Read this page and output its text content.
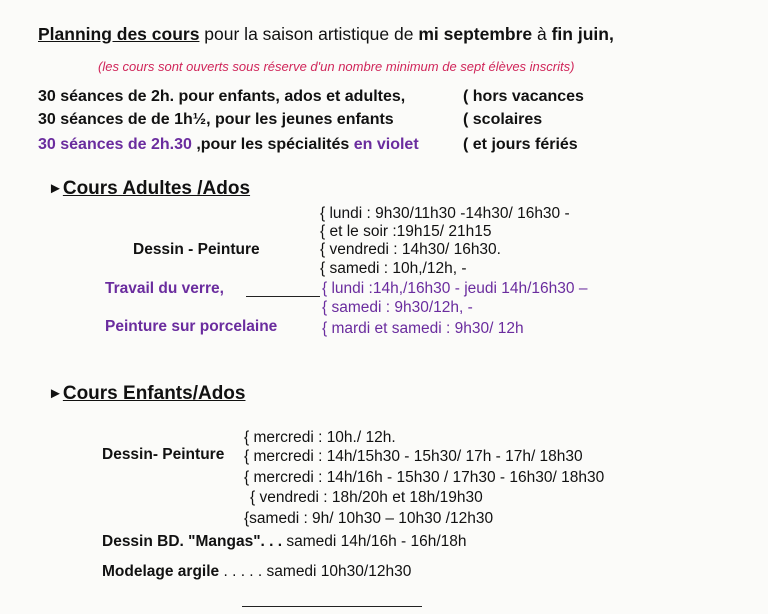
Planning des cours pour la saison artistique de mi septembre à fin juin,
(les cours sont ouverts sous réserve d'un nombre minimum de sept élèves inscrits)
30 séances de 2h. pour enfants, ados et adultes,	( hors vacances
30 séances de de 1h½, pour les jeunes enfants	( scolaires
30 séances de 2h.30 ,pour les spécialités en violet	( et jours fériés
►Cours Adultes /Ados
{ lundi : 9h30/11h30 -14h30/ 16h30 -
{ et le soir :19h15/ 21h15
Dessin - Peinture	{ vendredi : 14h30/ 16h30.
{ samedi : 10h,/12h, -
Travail du verre,	{ lundi :14h,/16h30 - jeudi 14h/16h30 –
{ samedi : 9h30/12h, -
Peinture sur porcelaine	{ mardi et samedi : 9h30/ 12h
►Cours Enfants/Ados
{ mercredi : 10h./ 12h.
Dessin- Peinture { mercredi : 14h/15h30 - 15h30/ 17h - 17h/ 18h30
{ mercredi : 14h/16h - 15h30 / 17h30 - 16h30/ 18h30
{ vendredi : 18h/20h et 18h/19h30
{samedi : 9h/ 10h30 – 10h30 /12h30
Dessin BD. "Mangas". . . samedi 14h/16h - 16h/18h
Modelage argile . . . . . samedi 10h30/12h30
